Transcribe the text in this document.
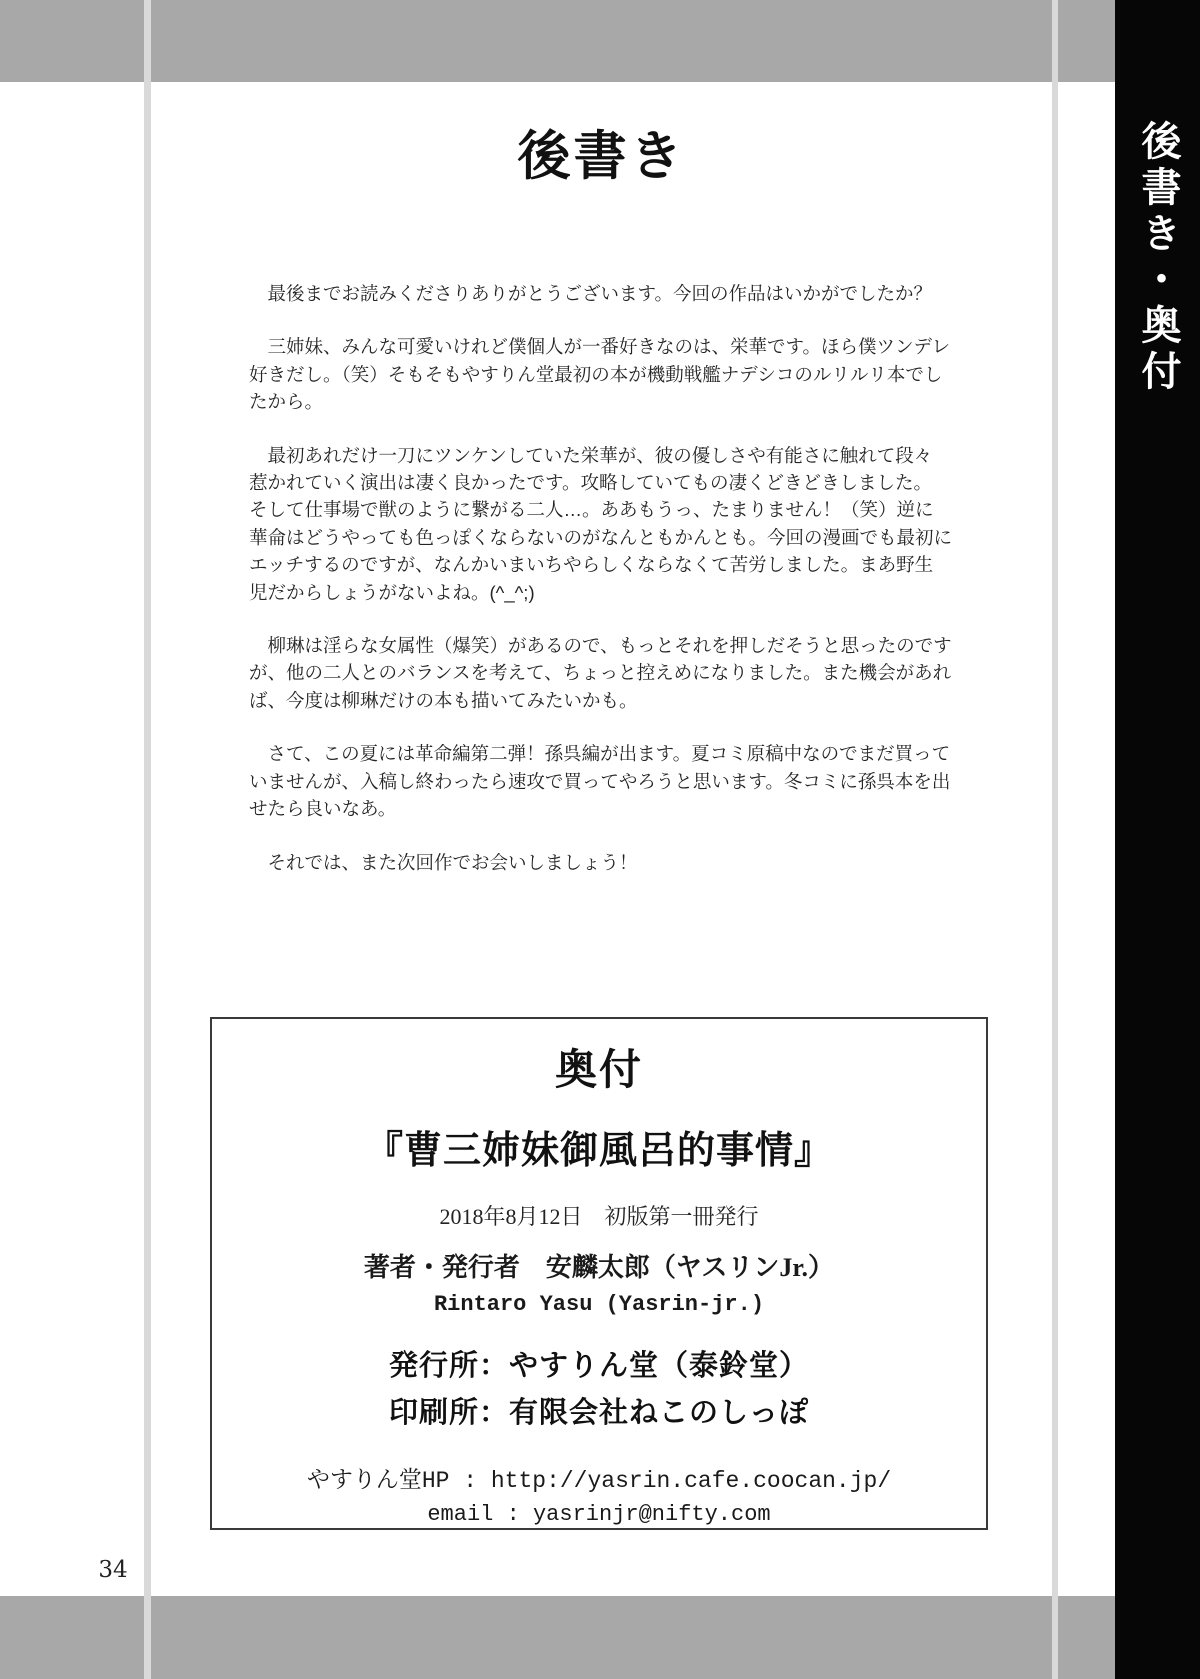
後書き・奥付
後書き
　最後までお読みくださりありがとうございます。今回の作品はいかがでしたか？
　三姉妹、みんな可愛いけれど僕個人が一番好きなのは、栄華です。ほら僕ツンデレ
好きだし。（笑）そもそもやすりん堂最初の本が機動戦艦ナデシコのルリルリ本でし
たから。
　最初あれだけ一刀にツンケンしていた栄華が、彼の優しさや有能さに触れて段々
惹かれていく演出は凄く良かったです。攻略していてもの凄くどきどきしました。
そして仕事場で獣のように繋がる二人…。ああもうっ、たまりません！（笑）逆に
華侖はどうやっても色っぽくならないのがなんともかんとも。今回の漫画でも最初に
エッチするのですが、なんかいまいちやらしくならなくて苦労しました。まあ野生
児だからしょうがないよね。(^_^;)
　柳琳は淫らな女属性（爆笑）があるので、もっとそれを押しだそうと思ったのです
が、他の二人とのバランスを考えて、ちょっと控えめになりました。また機会があれ
ば、今度は柳琳だけの本も描いてみたいかも。
　さて、この夏には革命編第二弾！孫呉編が出ます。夏コミ原稿中なのでまだ買って
いませんが、入稿し終わったら速攻で買ってやろうと思います。冬コミに孫呉本を出
せたら良いなあ。
　それでは、また次回作でお会いしましょう！
奥付
『曹三姉妹御風呂的事情』
2018年8月12日　初版第一冊発行
著者・発行者　安麟太郎（ヤスリンJr.）
Rintaro Yasu (Yasrin-jr.)
発行所：やすりん堂（泰鈴堂）
印刷所：有限会社ねこのしっぽ
やすりん堂HP : http://yasrin.cafe.coocan.jp/
email : yasrinjr@nifty.com
34
